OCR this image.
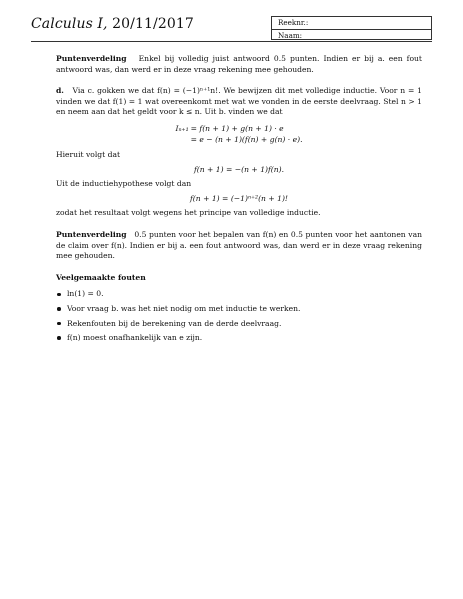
Calculus I, 20/11/2017	Reeknr.:
Naam:

Puntenverdeling Enkel bij volledig juist antwoord 0.5 punten. Indien er bij a. een fout antwoord was, dan werd er in deze vraag rekening mee gehouden.

d. Via c. gokken we dat f(n) = (−1)ⁿ⁺¹n!. We bewijzen dit met volledige inductie. Voor n = 1 vinden we dat f(1) = 1 wat overeenkomt met wat we vonden in de eerste deelvraag. Stel n > 1 en neem aan dat het geldt voor k ≤ n. Uit b. vinden we dat

Iₙ₊₁	= f(n + 1) + g(n + 1) · e
	= e − (n + 1)(f(n) + g(n) · e).

Hieruit volgt dat

f(n + 1) = −(n + 1)f(n).

Uit de inductiehypothese volgt dan

f(n + 1) = (−1)ⁿ⁺²(n + 1)!

zodat het resultaat volgt wegens het principe van volledige inductie.

Puntenverdeling 0.5 punten voor het bepalen van f(n) en 0.5 punten voor het aantonen van de claim over f(n). Indien er bij a. een fout antwoord was, dan werd er in deze vraag rekening mee gehouden.

Veelgemaakte fouten
ln(1) = 0.
Voor vraag b. was het niet nodig om met inductie te werken.
Rekenfouten bij de berekening van de derde deelvraag.
f(n) moest onafhankelijk van e zijn.
